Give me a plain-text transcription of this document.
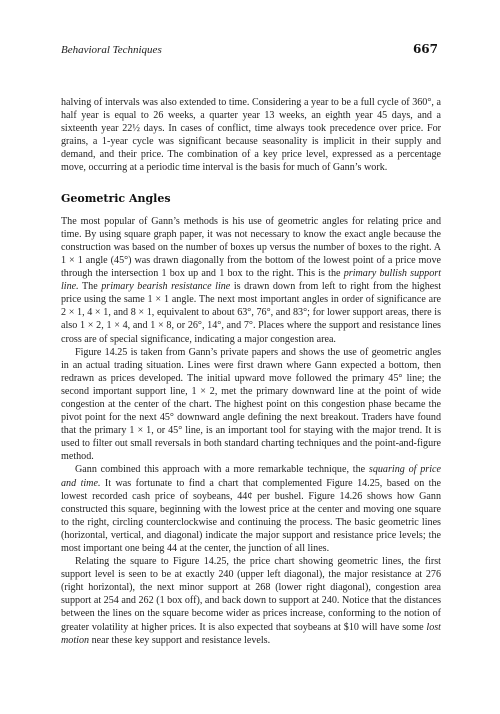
Behavioral Techniques	667

halving of intervals was also extended to time. Considering a year to be a full cycle of 360°, a half year is equal to 26 weeks, a quarter year 13 weeks, an eighth year 45 days, and a sixteenth year 22½ days. In cases of conflict, time always took precedence over price. For grains, a 1-year cycle was significant because seasonality is implicit in their supply and demand, and their price. The combination of a key price level, expressed as a percentage move, occurring at a periodic time interval is the basis for much of Gann’s work.

Geometric Angles

The most popular of Gann’s methods is his use of geometric angles for relating price and time. By using square graph paper, it was not necessary to know the exact angle because the construction was based on the number of boxes up versus the number of boxes to the right. A 1 × 1 angle (45°) was drawn diagonally from the bottom of the lowest point of a price move through the intersection 1 box up and 1 box to the right. This is the primary bullish support line. The primary bearish resistance line is drawn down from left to right from the highest price using the same 1 × 1 angle. The next most important angles in order of significance are 2 × 1, 4 × 1, and 8 × 1, equivalent to about 63°, 76°, and 83°; for lower support areas, there is also 1 × 2, 1 × 4, and 1 × 8, or 26°, 14°, and 7°. Places where the support and resistance lines cross are of special significance, indicating a major congestion area.

Figure 14.25 is taken from Gann’s private papers and shows the use of geometric angles in an actual trading situation. Lines were first drawn where Gann expected a bottom, then redrawn as prices developed. The initial upward move followed the primary 45° line; the second important support line, 1 × 2, met the primary downward line at the point of wide congestion at the center of the chart. The highest point on this congestion phase became the pivot point for the next 45° downward angle defining the next breakout. Traders have found that the primary 1 × 1, or 45° line, is an important tool for staying with the major trend. It is used to filter out small reversals in both standard charting techniques and the point-and-figure method.

Gann combined this approach with a more remarkable technique, the squaring of price and time. It was fortunate to find a chart that complemented Figure 14.25, based on the lowest recorded cash price of soybeans, 44¢ per bushel. Figure 14.26 shows how Gann constructed this square, beginning with the lowest price at the center and moving one square to the right, circling counterclockwise and continuing the process. The basic geometric lines (horizontal, vertical, and diagonal) indicate the major support and resistance price levels; the most important one being 44 at the center, the junction of all lines.

Relating the square to Figure 14.25, the price chart showing geometric lines, the first support level is seen to be at exactly 240 (upper left diagonal), the major resistance at 276 (right horizontal), the next minor support at 268 (lower right diagonal), congestion area support at 254 and 262 (1 box off), and back down to support at 240. Notice that the distances between the lines on the square become wider as prices increase, conforming to the notion of greater volatility at higher prices. It is also expected that soybeans at $10 will have some lost motion near these key support and resistance levels.
